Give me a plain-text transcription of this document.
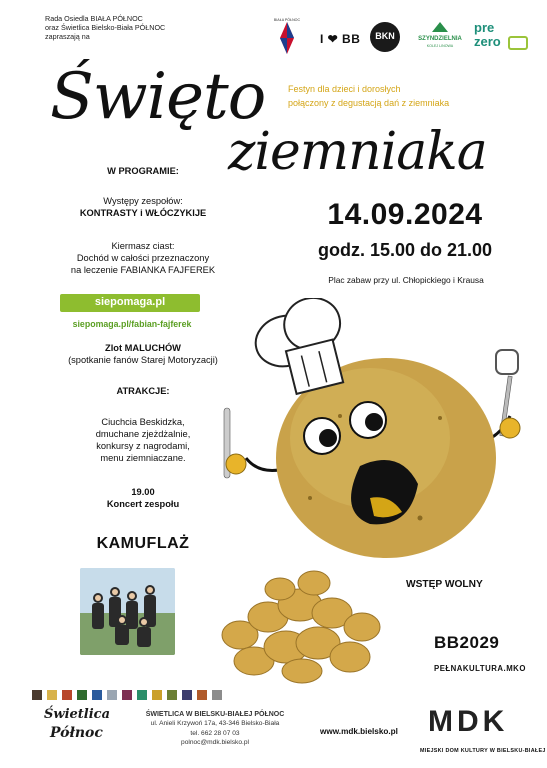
Rada Osiedla BIAŁA PÓŁNOC
oraz Świetlica Bielsko-Biała PÓŁNOC
zapraszają na
BIAŁA PÓŁNOC
I ❤ BB	BKN	SZYNDZIELNIA
KOLEJ LINOWA
pre
zero
Święto
ziemniaka
Festyn dla dzieci i dorosłych
połączony z degustacją dań z ziemniaka
W PROGRAMIE:
Występy zespołów:
KONTRASTY i WŁÓCZYKIJE
Kiermasz ciast:
Dochód w całości przeznaczony
na leczenie FABIANKA FAJFEREK
siepomaga.pl
siepomaga.pl/fabian-fajferek
Zlot MALUCHÓW
(spotkanie fanów Starej Motoryzacji)
ATRAKCJE:
Ciuchcia Beskidzka,
dmuchane zjeżdżalnie,
konkursy z nagrodami,
menu ziemniaczane.
19.00
Koncert zespołu
KAMUFLAŻ
14.09.2024
godz. 15.00 do 21.00
Plac zabaw przy ul. Chłopickiego i Krausa
WSTĘP WOLNY
BB2029
PEŁNAKULTURA.MKO
Świetlica
Północ
ŚWIETLICA W BIELSKU-BIAŁEJ PÓŁNOC
ul. Anieli Krzywoń 17a, 43-346 Bielsko-Biała
tel. 662 28 07 03
polnoc@mdk.bielsko.pl
www.mdk.bielsko.pl MDK
MIEJSKI DOM KULTURY W BIELSKU-BIAŁEJ
